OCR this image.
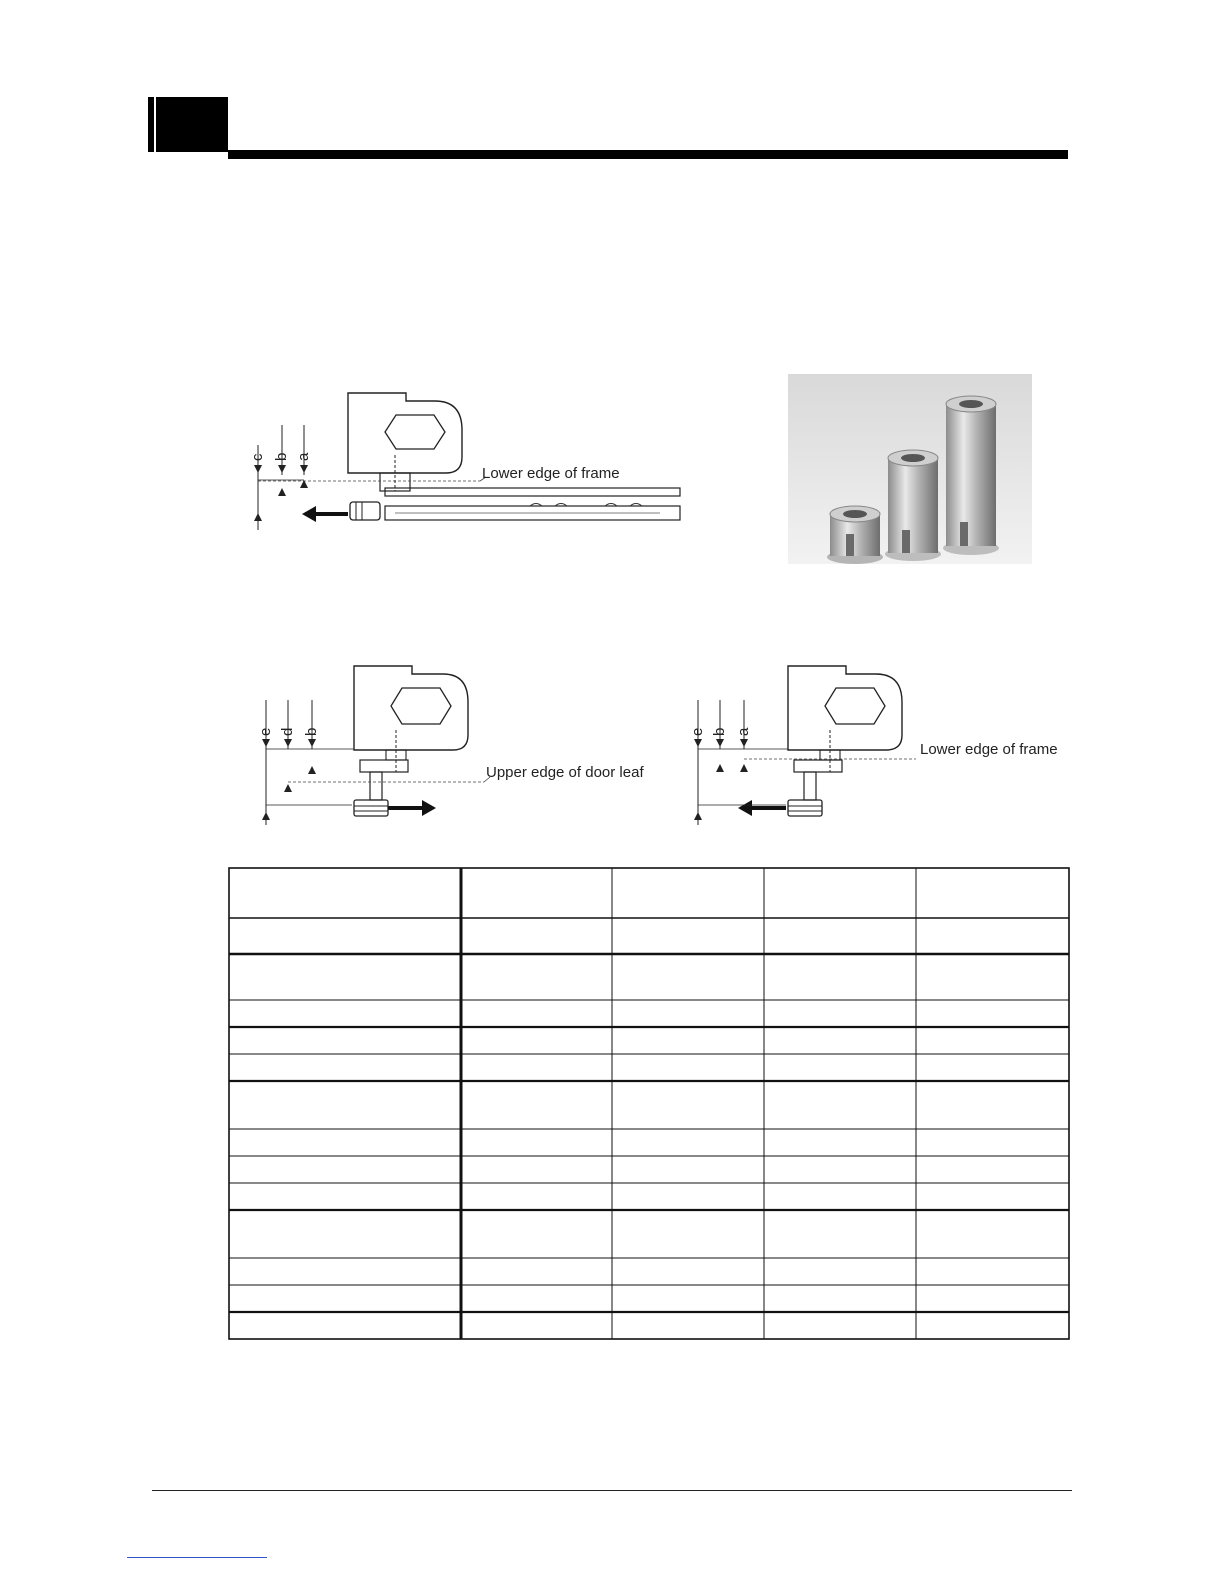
Lower edge of frame
c b a
Upper edge of door leaf
e d b
Lower edge of frame
e b a
